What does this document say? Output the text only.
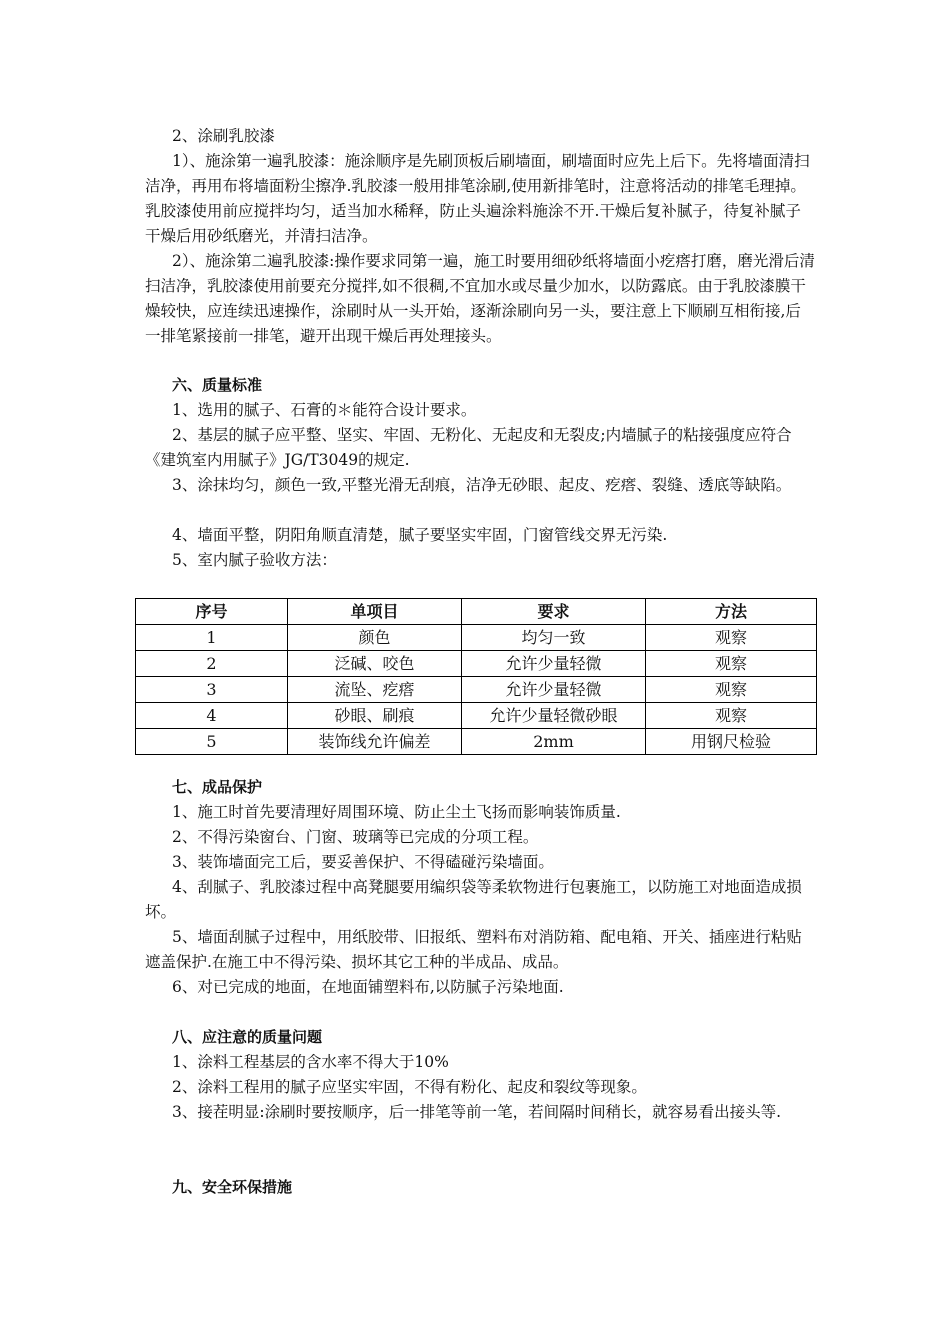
2、涂刷乳胶漆

1）、施涂第一遍乳胶漆：施涂顺序是先刷顶板后刷墙面，刷墙面时应先上后下。先将墙面清扫洁净，再用布将墙面粉尘擦净.乳胶漆一般用排笔涂刷,使用新排笔时，注意将活动的排笔毛理掉。乳胶漆使用前应搅拌均匀，适当加水稀释，防止头遍涂料施涂不开.干燥后复补腻子，待复补腻子干燥后用砂纸磨光，并清扫洁净。

2）、施涂第二遍乳胶漆:操作要求同第一遍，施工时要用细砂纸将墙面小疙瘩打磨，磨光滑后清扫洁净，乳胶漆使用前要充分搅拌,如不很稠,不宜加水或尽量少加水，以防露底。由于乳胶漆膜干燥较快，应连续迅速操作，涂刷时从一头开始，逐渐涂刷向另一头，要注意上下顺刷互相衔接,后一排笔紧接前一排笔，避开出现干燥后再处理接头。

六、质量标准

1、选用的腻子、石膏的＊能符合设计要求。

2、基层的腻子应平整、坚实、牢固、无粉化、无起皮和无裂皮;内墙腻子的粘接强度应符合《建筑室内用腻子》JG/T3049的规定.

3、涂抹均匀，颜色一致,平整光滑无刮痕，洁净无砂眼、起皮、疙瘩、裂缝、透底等缺陷。

4、墙面平整，阴阳角顺直清楚，腻子要坚实牢固，门窗管线交界无污染.

5、室内腻子验收方法：

序号	单项目	要求	方法
1	颜色	均匀一致	观察
2	泛碱、咬色	允许少量轻微	观察
3	流坠、疙瘩	允许少量轻微	观察
4	砂眼、刷痕	允许少量轻微砂眼	观察
5	装饰线允许偏差	2mm	用钢尺检验

七、成品保护

1、施工时首先要清理好周围环境、防止尘土飞扬而影响装饰质量.

2、不得污染窗台、门窗、玻璃等已完成的分项工程。

3、装饰墙面完工后，要妥善保护、不得磕碰污染墙面。

4、刮腻子、乳胶漆过程中高凳腿要用编织袋等柔软物进行包裹施工，以防施工对地面造成损坏。

5、墙面刮腻子过程中，用纸胶带、旧报纸、塑料布对消防箱、配电箱、开关、插座进行粘贴遮盖保护.在施工中不得污染、损坏其它工种的半成品、成品。

6、对已完成的地面，在地面铺塑料布,以防腻子污染地面.

八、应注意的质量问题

1、涂料工程基层的含水率不得大于10%

2、涂料工程用的腻子应坚实牢固，不得有粉化、起皮和裂纹等现象。

3、接茬明显:涂刷时要按顺序，后一排笔等前一笔，若间隔时间稍长，就容易看出接头等.

九、安全环保措施
